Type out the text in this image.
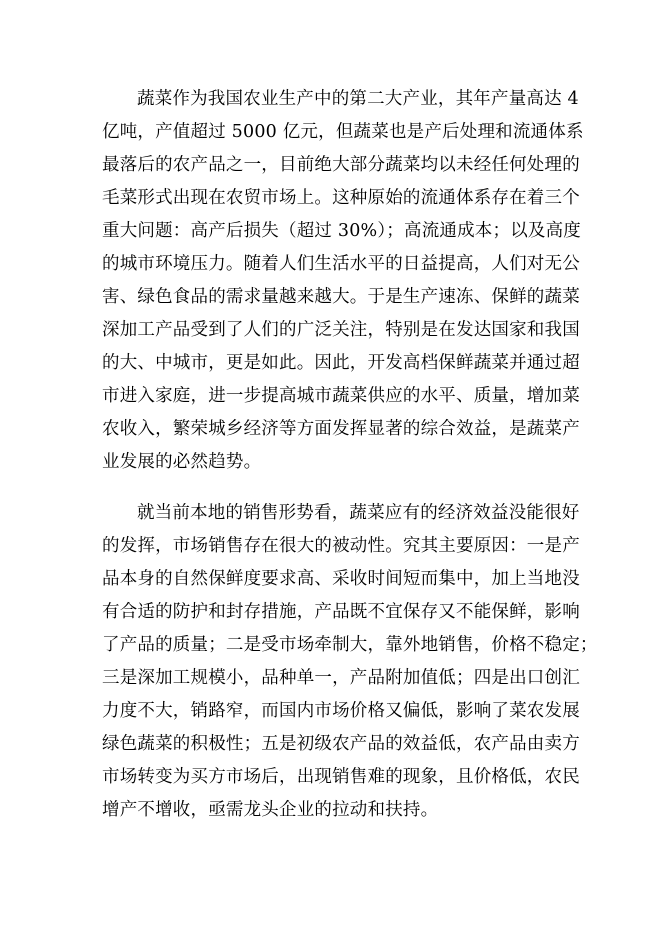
蔬菜作为我国农业生产中的第二大产业，其年产量高达 4
亿吨，产值超过 5000 亿元，但蔬菜也是产后处理和流通体系
最落后的农产品之一，目前绝大部分蔬菜均以未经任何处理的
毛菜形式出现在农贸市场上。这种原始的流通体系存在着三个
重大问题：高产后损失（超过 30%）；高流通成本；以及高度
的城市环境压力。随着人们生活水平的日益提高，人们对无公
害、绿色食品的需求量越来越大。于是生产速冻、保鲜的蔬菜
深加工产品受到了人们的广泛关注，特别是在发达国家和我国
的大、中城市，更是如此。因此，开发高档保鲜蔬菜并通过超
市进入家庭，进一步提高城市蔬菜供应的水平、质量，增加菜
农收入，繁荣城乡经济等方面发挥显著的综合效益，是蔬菜产
业发展的必然趋势。
就当前本地的销售形势看，蔬菜应有的经济效益没能很好
的发挥，市场销售存在很大的被动性。究其主要原因：一是产
品本身的自然保鲜度要求高、采收时间短而集中，加上当地没
有合适的防护和封存措施，产品既不宜保存又不能保鲜，影响
了产品的质量；二是受市场牵制大，靠外地销售，价格不稳定；
三是深加工规模小，品种单一，产品附加值低；四是出口创汇
力度不大，销路窄，而国内市场价格又偏低，影响了菜农发展
绿色蔬菜的积极性；五是初级农产品的效益低，农产品由卖方
市场转变为买方市场后，出现销售难的现象，且价格低，农民
增产不增收，亟需龙头企业的拉动和扶持。
